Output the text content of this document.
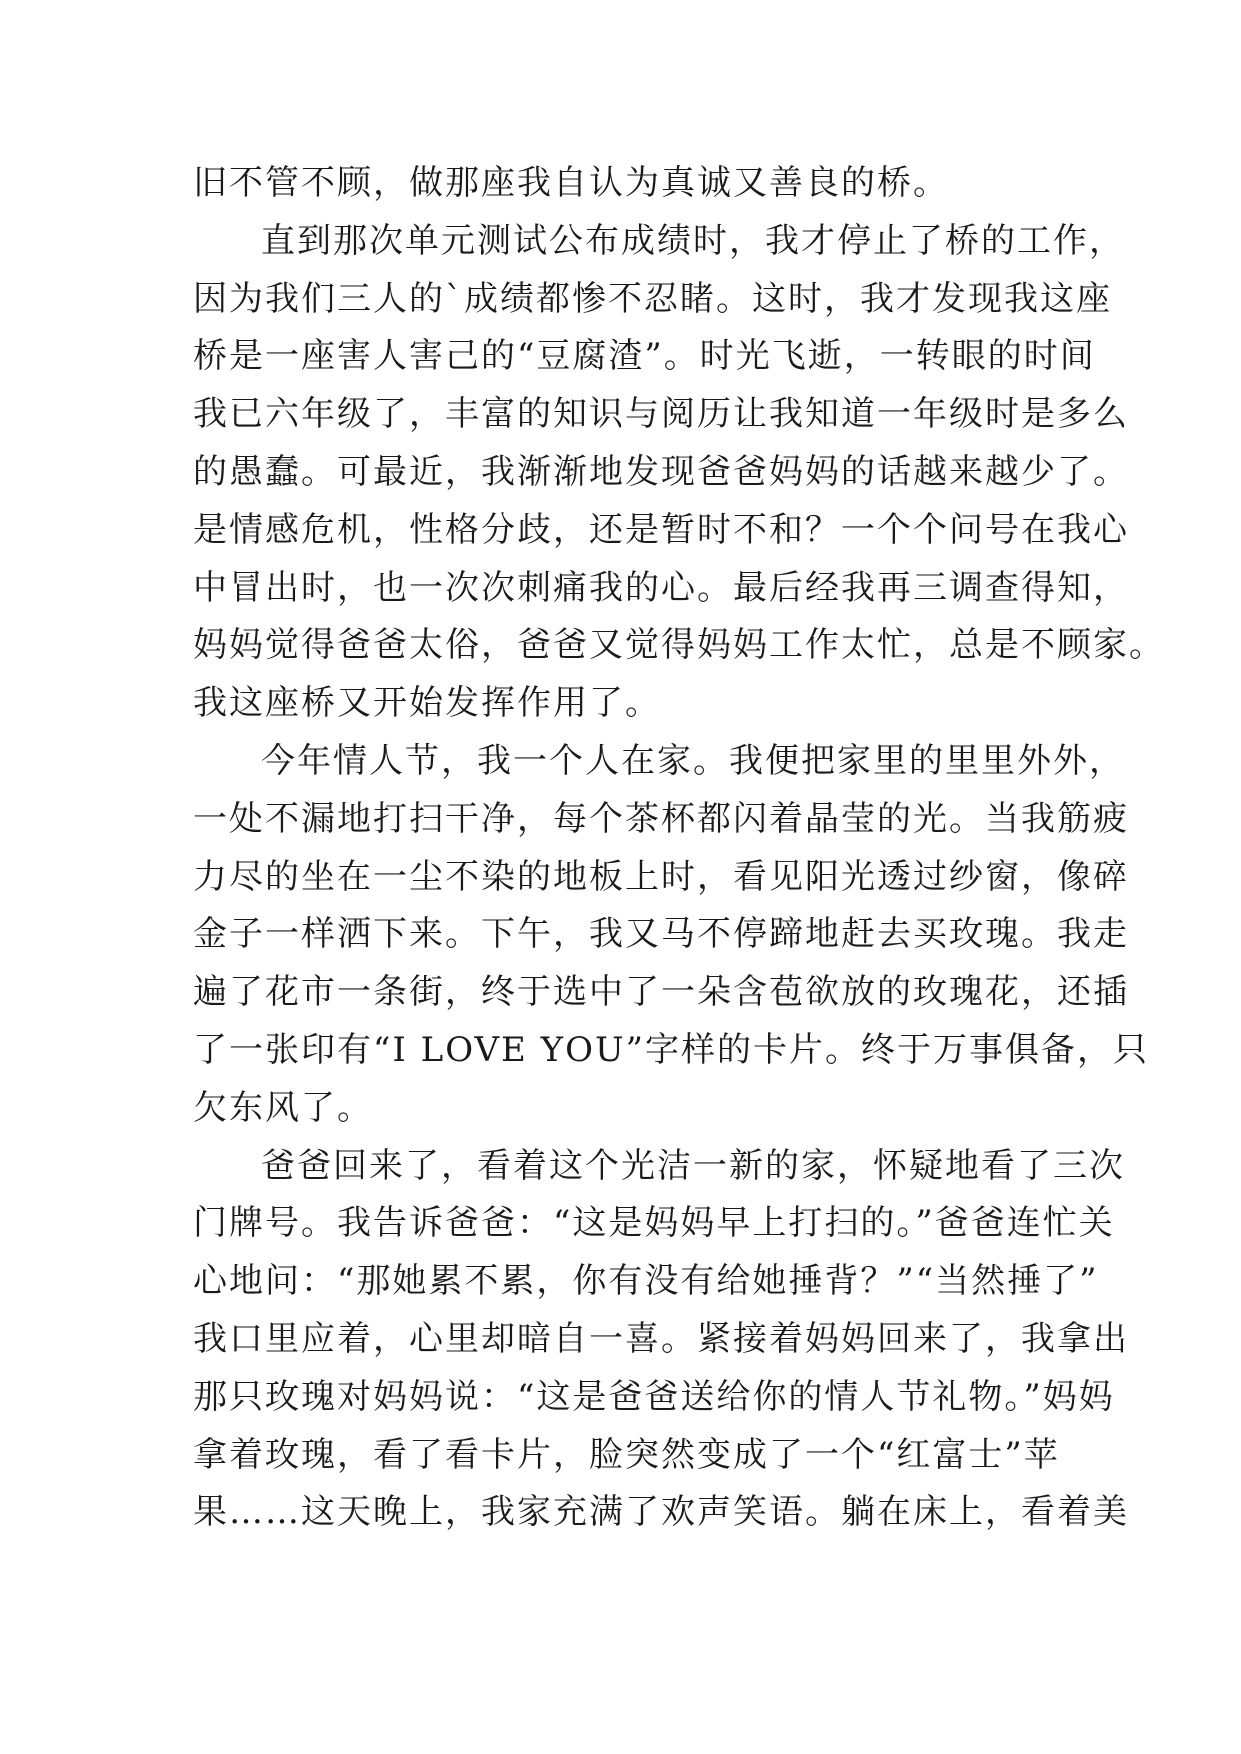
旧不管不顾，做那座我自认为真诚又善良的桥。
直到那次单元测试公布成绩时，我才停止了桥的工作，
因为我们三人的`成绩都惨不忍睹。这时，我才发现我这座
桥是一座害人害己的“豆腐渣”。时光飞逝，一转眼的时间
我已六年级了，丰富的知识与阅历让我知道一年级时是多么
的愚蠢。可最近，我渐渐地发现爸爸妈妈的话越来越少了。
是情感危机，性格分歧，还是暂时不和？一个个问号在我心
中冒出时，也一次次刺痛我的心。最后经我再三调查得知，
妈妈觉得爸爸太俗，爸爸又觉得妈妈工作太忙，总是不顾家。
我这座桥又开始发挥作用了。
今年情人节，我一个人在家。我便把家里的里里外外，
一处不漏地打扫干净，每个茶杯都闪着晶莹的光。当我筋疲
力尽的坐在一尘不染的地板上时，看见阳光透过纱窗，像碎
金子一样洒下来。下午，我又马不停蹄地赶去买玫瑰。我走
遍了花市一条街，终于选中了一朵含苞欲放的玫瑰花，还插
了一张印有“I LOVE YOU”字样的卡片。终于万事俱备，只
欠东风了。
爸爸回来了，看着这个光洁一新的家，怀疑地看了三次
门牌号。我告诉爸爸：“这是妈妈早上打扫的。”爸爸连忙关
心地问：“那她累不累，你有没有给她捶背？”“当然捶了”
我口里应着，心里却暗自一喜。紧接着妈妈回来了，我拿出
那只玫瑰对妈妈说：“这是爸爸送给你的情人节礼物。”妈妈
拿着玫瑰，看了看卡片，脸突然变成了一个“红富士”苹
果……这天晚上，我家充满了欢声笑语。躺在床上，看着美
